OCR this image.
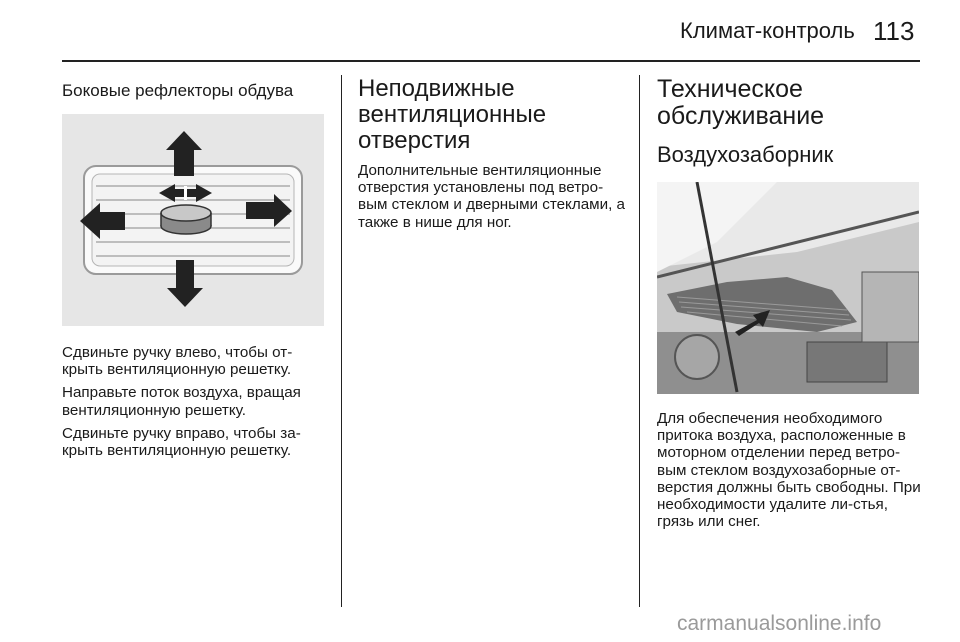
Климат-контроль 113
Боковые рефлекторы обдува

Сдвиньте ручку влево, чтобы от-крыть вентиляционную решетку.

Направьте поток воздуха, вращая вентиляционную решетку.

Сдвиньте ручку вправо, чтобы за-крыть вентиляционную решетку.

Неподвижные вентиляционные отверстия

Дополнительные вентиляционные отверстия установлены под ветро-вым стеклом и дверными стеклами, а также в нише для ног.

Техническое обслуживание
Воздухозаборник

Для обеспечения необходимого притока воздуха, расположенные в моторном отделении перед ветро-вым стеклом воздухозаборные от-верстия должны быть свободны. При необходимости удалите ли-стья, грязь или снег.

carmanualsonline.info
